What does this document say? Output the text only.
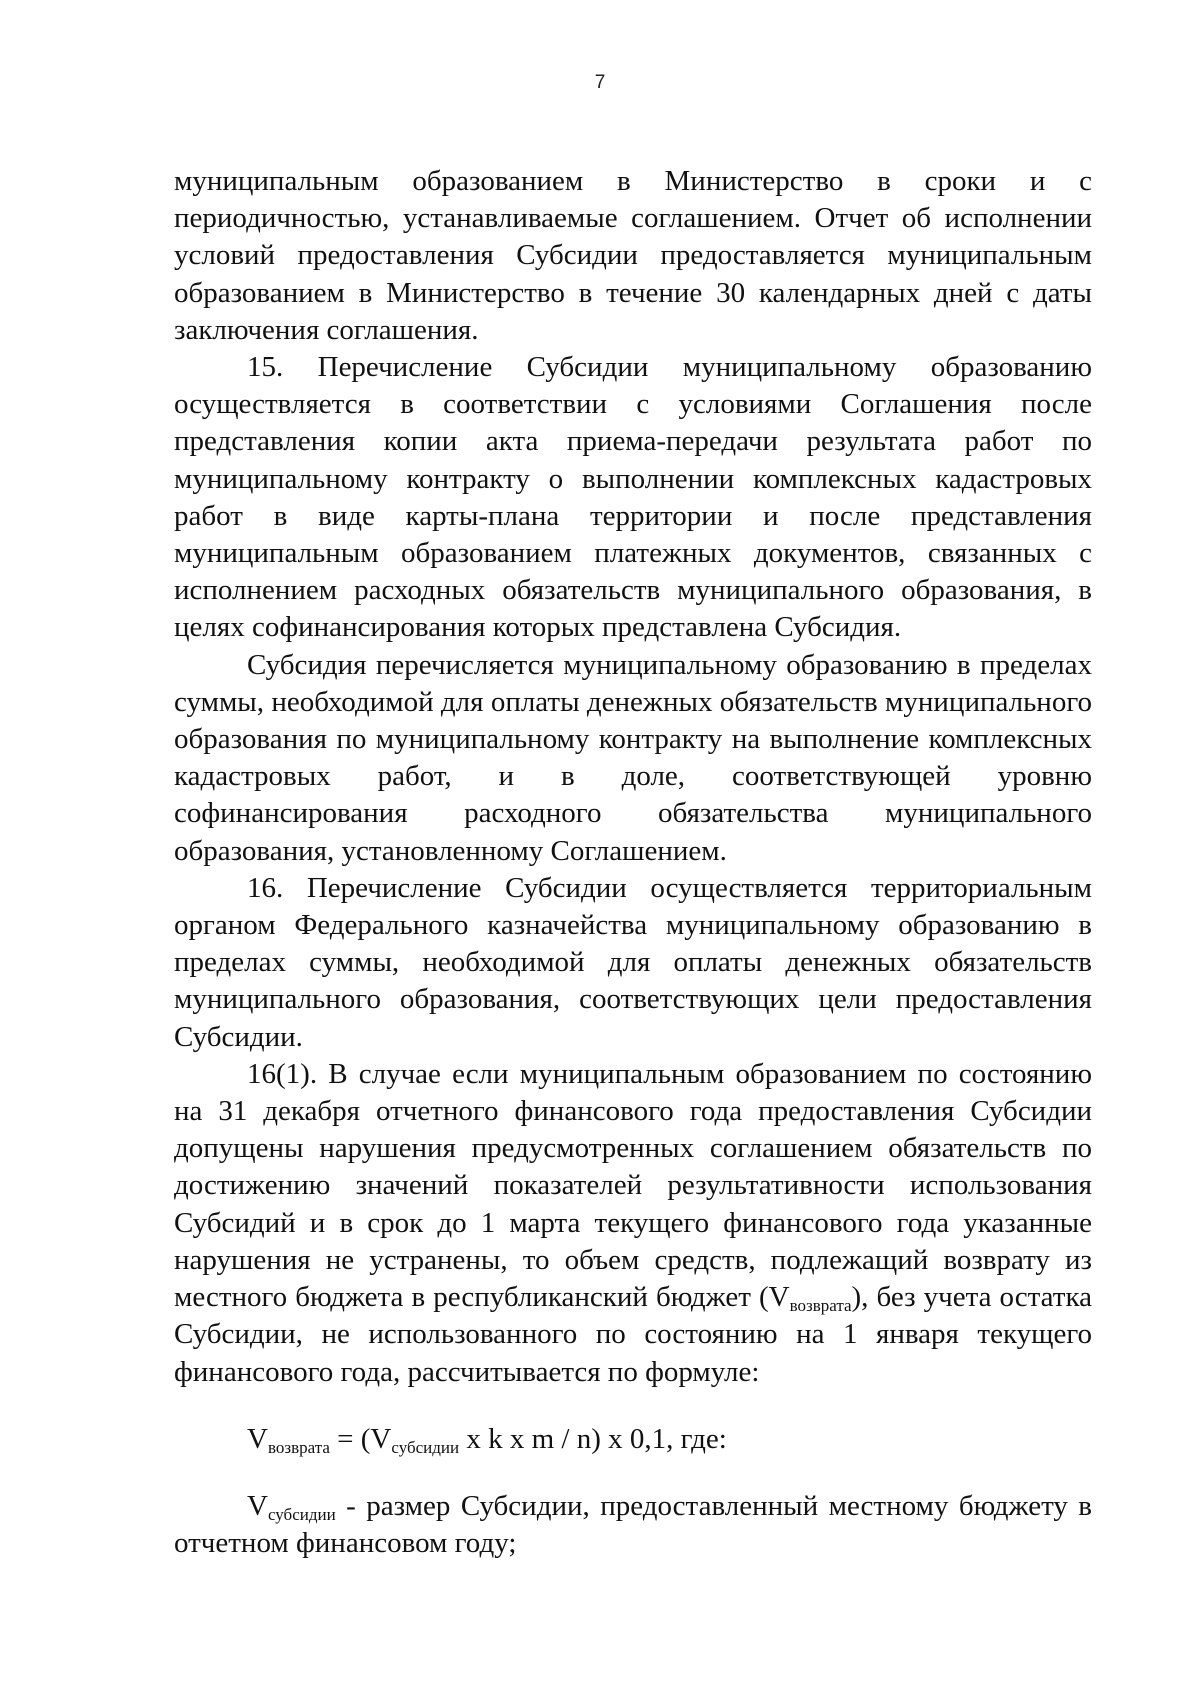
7

муниципальным образованием в Министерство в сроки и с периодичностью, устанавливаемые соглашением. Отчет об исполнении условий предоставления Субсидии предоставляется муниципальным образованием в Министерство в течение 30 календарных дней с даты заключения соглашения.

15. Перечисление Субсидии муниципальному образованию осуществляется в соответствии с условиями Соглашения после представления копии акта приема-передачи результата работ по муниципальному контракту о выполнении комплексных кадастровых работ в виде карты-плана территории и после представления муниципальным образованием платежных документов, связанных с исполнением расходных обязательств муниципального образования, в целях софинансирования которых представлена Субсидия.

Субсидия перечисляется муниципальному образованию в пределах суммы, необходимой для оплаты денежных обязательств муниципального образования по муниципальному контракту на выполнение комплексных кадастровых работ, и в доле, соответствующей уровню софинансирования расходного обязательства муниципального образования, установленному Соглашением.

16. Перечисление Субсидии осуществляется территориальным органом Федерального казначейства муниципальному образованию в пределах суммы, необходимой для оплаты денежных обязательств муниципального образования, соответствующих цели предоставления Субсидии.

16(1). В случае если муниципальным образованием по состоянию на 31 декабря отчетного финансового года предоставления Субсидии допущены нарушения предусмотренных соглашением обязательств по достижению значений показателей результативности использования Субсидий и в срок до 1 марта текущего финансового года указанные нарушения не устранены, то объем средств, подлежащий возврату из местного бюджета в республиканский бюджет $(V_{возврата})$, без учета остатка Субсидии, не использованного по состоянию на 1 января текущего финансового года, рассчитывается по формуле:

$V_{возврата} = (V_{субсидии}$ x k x m / n) x 0,1, где:

$V_{субсидии}$ - размер Субсидии, предоставленный местному бюджету в отчетном финансовом году;
